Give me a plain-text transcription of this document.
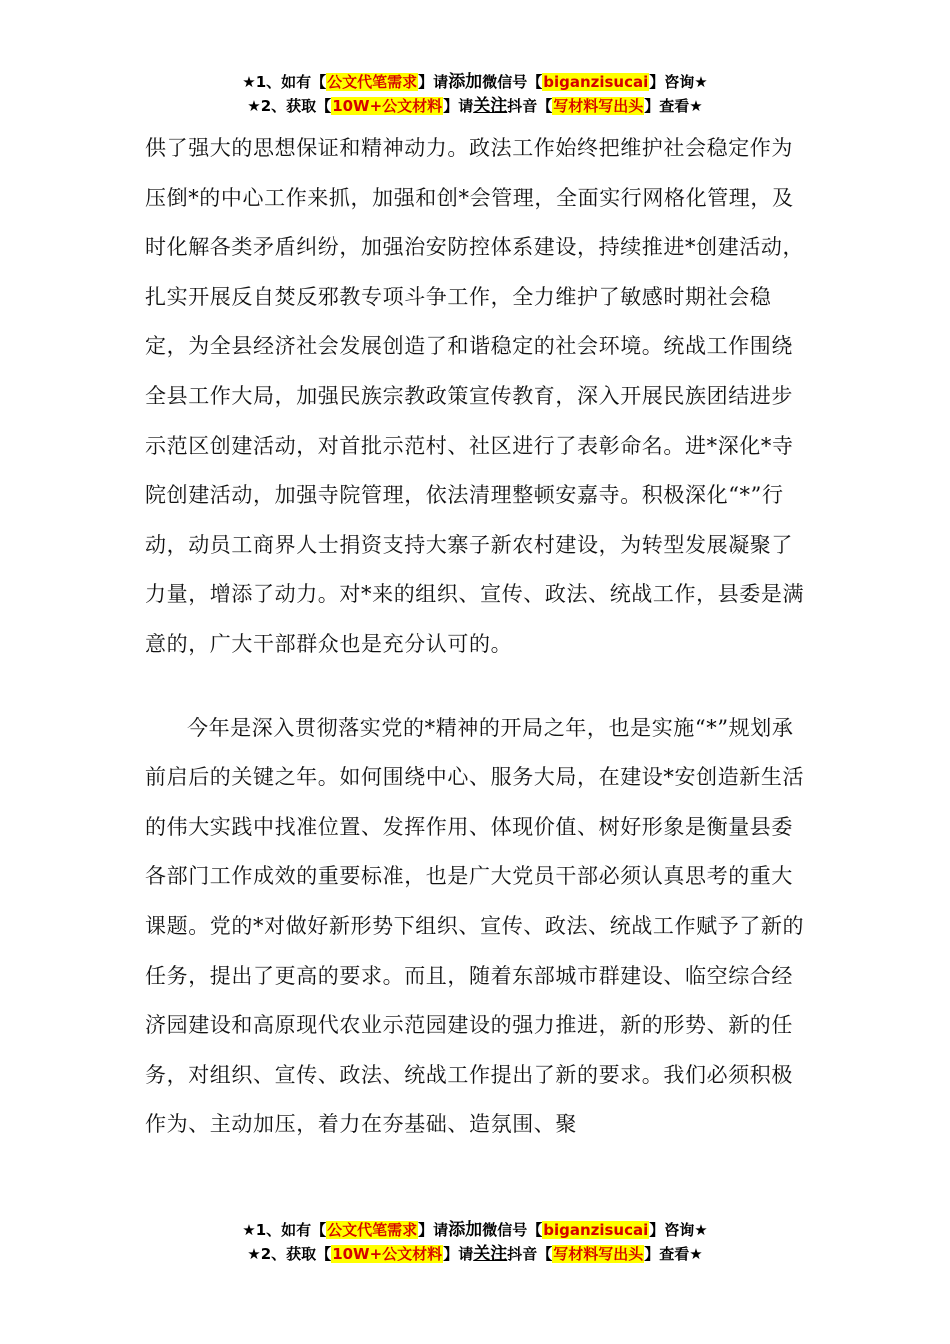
★1、如有【公文代笔需求】请添加微信号【biganzisucai】咨询★
★2、获取【10W+公文材料】请关注抖音【写材料写出头】查看★

供了强大的思想保证和精神动力。政法工作始终把维护社会稳定作为压倒*的中心工作来抓，加强和创*会管理，全面实行网格化管理，及时化解各类矛盾纠纷，加强治安防控体系建设，持续推进*创建活动，扎实开展反自焚反邪教专项斗争工作，全力维护了敏感时期社会稳定，为全县经济社会发展创造了和谐稳定的社会环境。统战工作围绕全县工作大局，加强民族宗教政策宣传教育，深入开展民族团结进步示范区创建活动，对首批示范村、社区进行了表彰命名。进*深化*寺院创建活动，加强寺院管理，依法清理整顿安嘉寺。积极深化“*”行动，动员工商界人士捐资支持大寨子新农村建设，为转型发展凝聚了力量，增添了动力。对*来的组织、宣传、政法、统战工作，县委是满意的，广大干部群众也是充分认可的。

今年是深入贯彻落实党的*精神的开局之年，也是实施“*”规划承前启后的关键之年。如何围绕中心、服务大局，在建设*安创造新生活的伟大实践中找准位置、发挥作用、体现价值、树好形象是衡量县委各部门工作成效的重要标准，也是广大党员干部必须认真思考的重大课题。党的*对做好新形势下组织、宣传、政法、统战工作赋予了新的任务，提出了更高的要求。而且，随着东部城市群建设、临空综合经济园建设和高原现代农业示范园建设的强力推进，新的形势、新的任务，对组织、宣传、政法、统战工作提出了新的要求。我们必须积极作为、主动加压，着力在夯基础、造氛围、聚

★1、如有【公文代笔需求】请添加微信号【biganzisucai】咨询★
★2、获取【10W+公文材料】请关注抖音【写材料写出头】查看★
